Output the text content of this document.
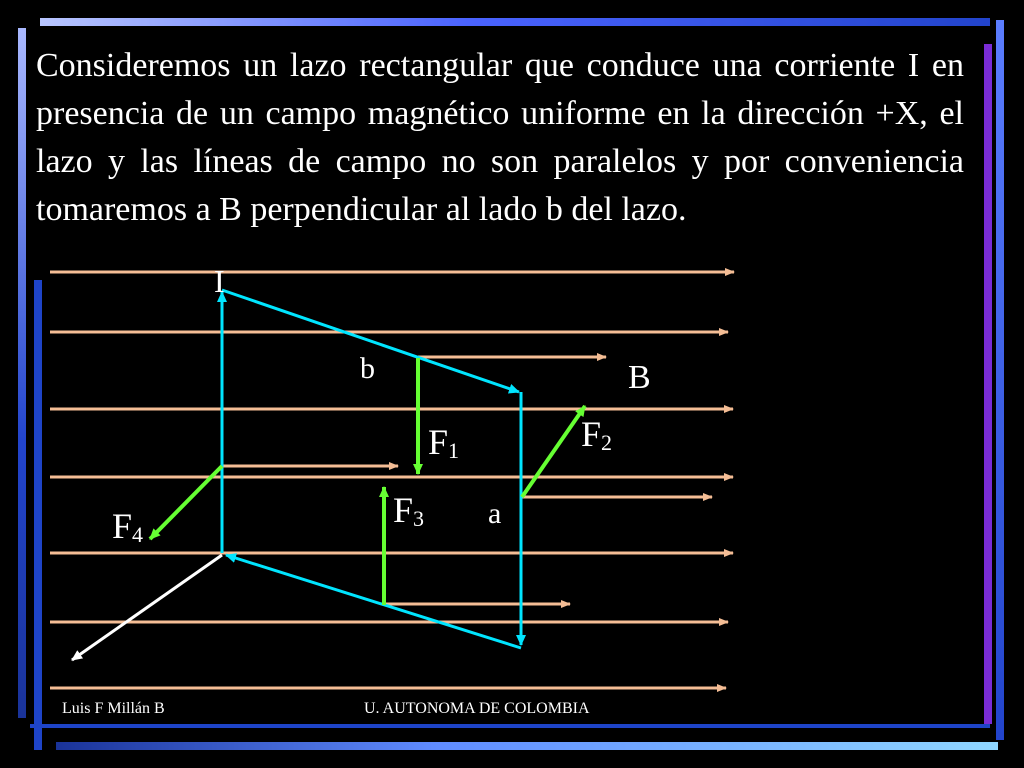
Consideremos un lazo rectangular que conduce una corriente I en presencia de un campo magnético uniforme en la dirección +X, el lazo y las líneas de campo no son paralelos y por conveniencia tomaremos a B perpendicular al lado b del lazo.

I
b	B
a
F1	F2
F3
F4
Luis F Millán B	U. AUTONOMA DE COLOMBIA
